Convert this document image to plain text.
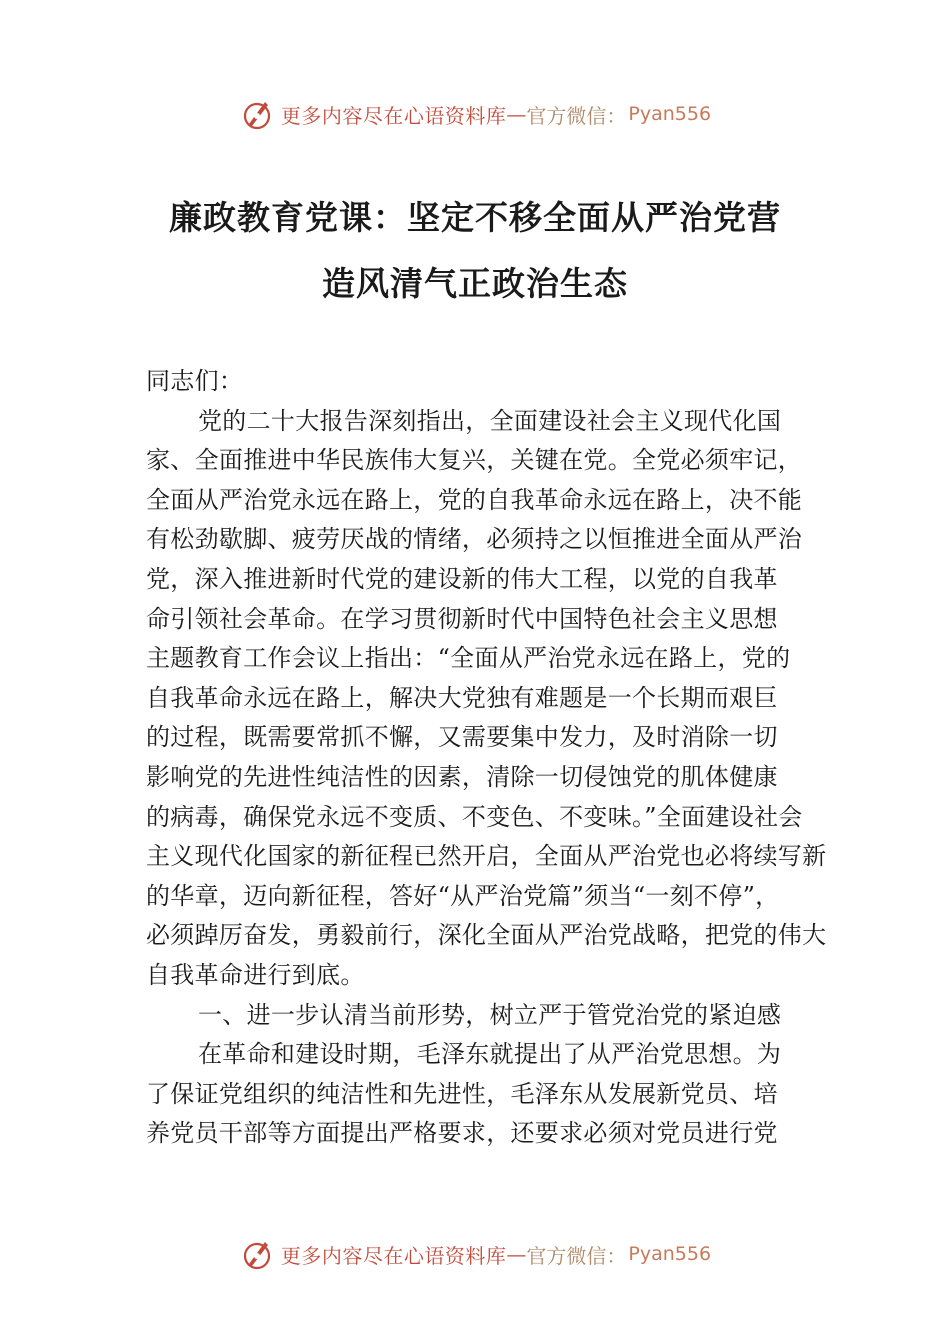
更多内容尽在心语资料库 — 官方微信： Pyan556
廉政教育党课：坚定不移全面从严治党营
造风清气正政治生态
同志们：
党的二十大报告深刻指出，全面建设社会主义现代化国
家、全面推进中华民族伟大复兴，关键在党。全党必须牢记，
全面从严治党永远在路上，党的自我革命永远在路上，决不能
有松劲歇脚、疲劳厌战的情绪，必须持之以恒推进全面从严治
党，深入推进新时代党的建设新的伟大工程，以党的自我革
命引领社会革命。在学习贯彻新时代中国特色社会主义思想
主题教育工作会议上指出：“全面从严治党永远在路上，党的
自我革命永远在路上，解决大党独有难题是一个长期而艰巨
的过程，既需要常抓不懈，又需要集中发力，及时消除一切
影响党的先进性纯洁性的因素，清除一切侵蚀党的肌体健康
的病毒，确保党永远不变质、不变色、不变味。”全面建设社会
主义现代化国家的新征程已然开启，全面从严治党也必将续写新
的华章，迈向新征程，答好“从严治党篇”须当“一刻不停”，
必须踔厉奋发，勇毅前行，深化全面从严治党战略，把党的伟大
自我革命进行到底。
一、进一步认清当前形势，树立严于管党治党的紧迫感
在革命和建设时期，毛泽东就提出了从严治党思想。为
了保证党组织的纯洁性和先进性，毛泽东从发展新党员、培
养党员干部等方面提出严格要求，还要求必须对党员进行党
更多内容尽在心语资料库 — 官方微信： Pyan556
